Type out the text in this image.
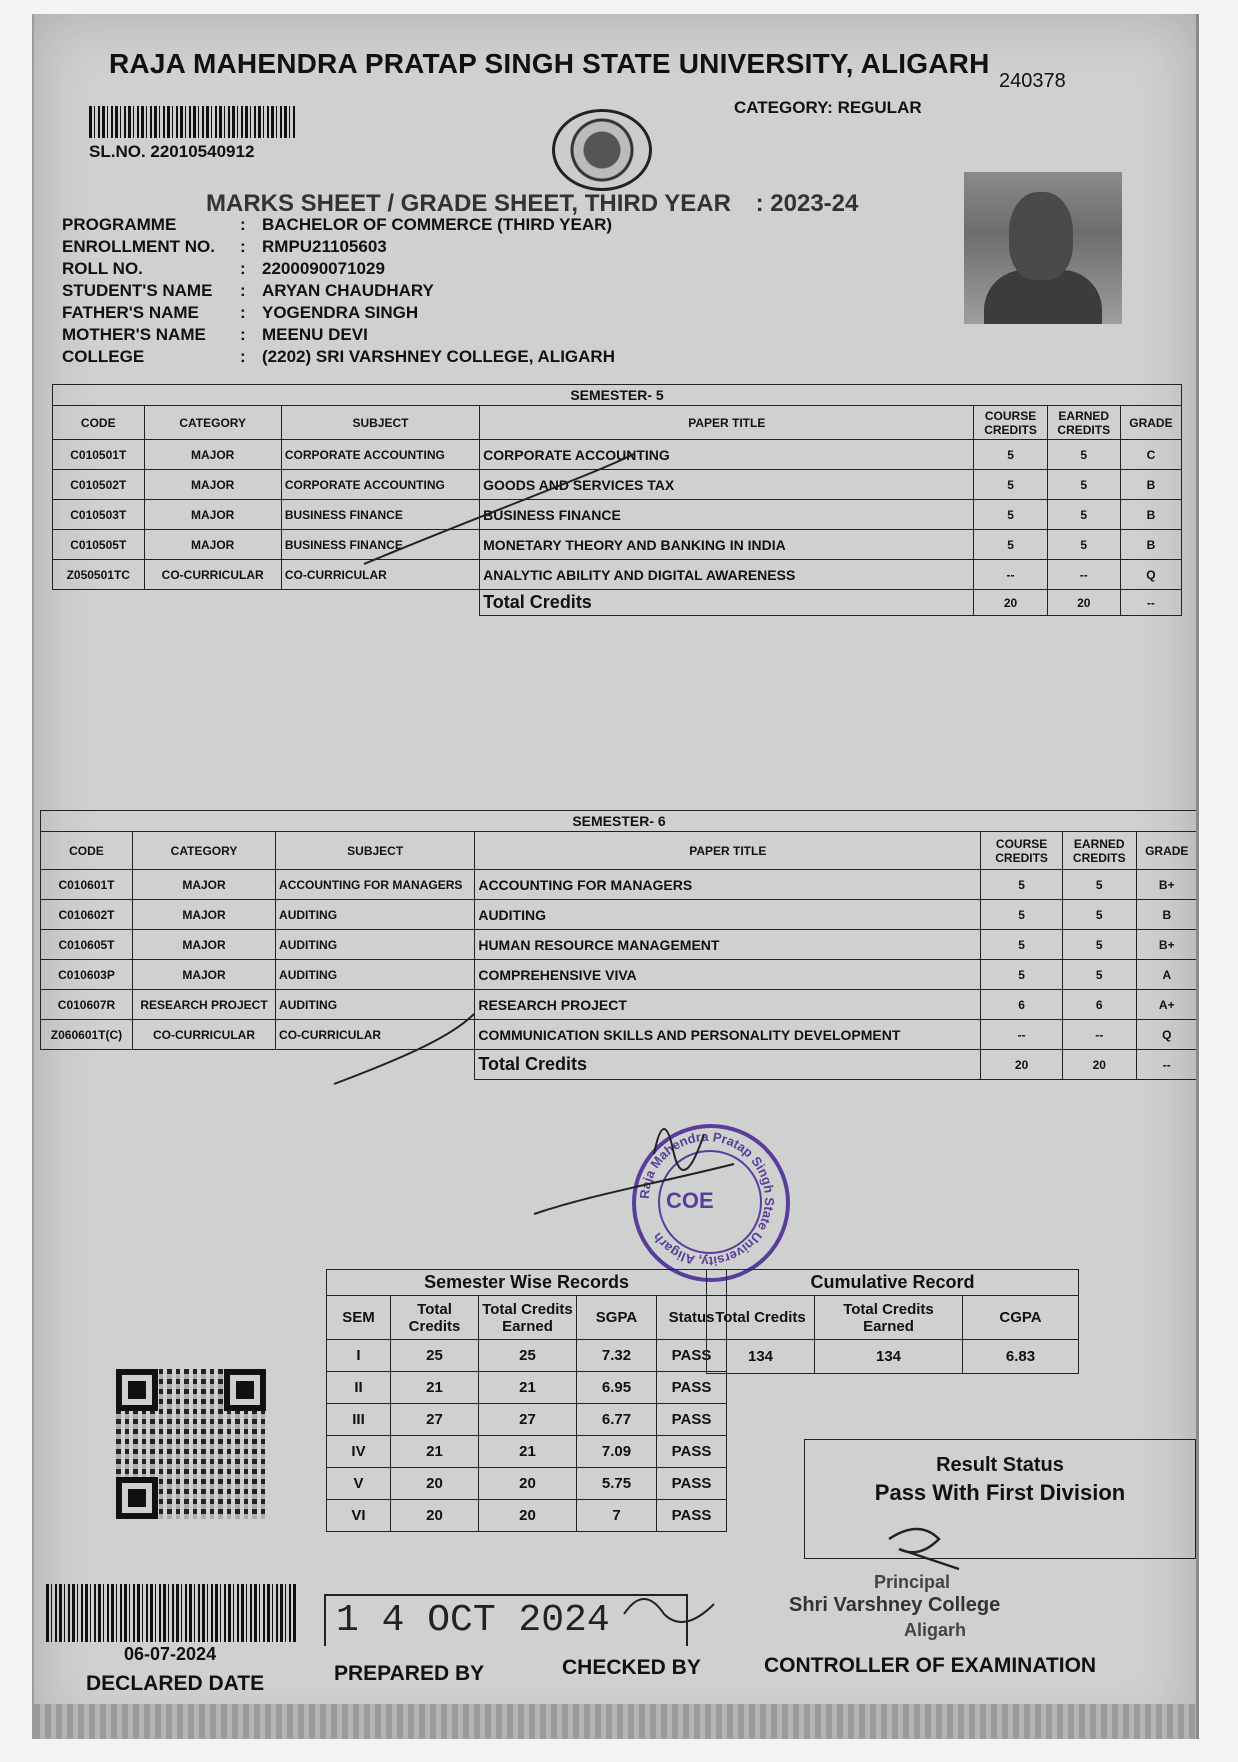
RAJA MAHENDRA PRATAP SINGH STATE UNIVERSITY, ALIGARH
240378
CATEGORY: REGULAR
SL.NO. 22010540912
MARKS SHEET / GRADE SHEET, THIRD YEAR : 2023-24
PROGRAMME	: BACHELOR OF COMMERCE (THIRD YEAR)
ENROLLMENT NO.	: RMPU21105603
ROLL NO.	: 2200090071029
STUDENT'S NAME	: ARYAN CHAUDHARY
FATHER'S NAME	: YOGENDRA SINGH
MOTHER'S NAME	: MEENU DEVI
COLLEGE	: (2202) SRI VARSHNEY COLLEGE, ALIGARH
SEMESTER- 5						
CODE	CATEGORY	SUBJECT	PAPER TITLE	COURSE CREDITS	EARNED CREDITS	GRADE
C010501T	MAJOR	CORPORATE ACCOUNTING	CORPORATE ACCOUNTING	5	5	C
C010502T	MAJOR	CORPORATE ACCOUNTING	GOODS AND SERVICES TAX	5	5	B
C010503T	MAJOR	BUSINESS FINANCE	BUSINESS FINANCE	5	5	B
C010505T	MAJOR	BUSINESS FINANCE	MONETARY THEORY AND BANKING IN INDIA	5	5	B
Z050501TC	CO-CURRICULAR	CO-CURRICULAR	ANALYTIC ABILITY AND DIGITAL AWARENESS	--	--	Q
			Total Credits	20	20	--
SEMESTER- 6						
CODE	CATEGORY	SUBJECT	PAPER TITLE	COURSE CREDITS	EARNED CREDITS	GRADE
C010601T	MAJOR	ACCOUNTING FOR MANAGERS	ACCOUNTING FOR MANAGERS	5	5	B+
C010602T	MAJOR	AUDITING	AUDITING	5	5	B
C010605T	MAJOR	AUDITING	HUMAN RESOURCE MANAGEMENT	5	5	B+
C010603P	MAJOR	AUDITING	COMPREHENSIVE VIVA	5	5	A
C010607R	RESEARCH PROJECT	AUDITING	RESEARCH PROJECT	6	6	A+
Z060601T(C)	CO-CURRICULAR	CO-CURRICULAR	COMMUNICATION SKILLS AND PERSONALITY DEVELOPMENT	--	--	Q
			Total Credits	20	20	--
Raja Mahendra Pratap Singh State University, Aligarh
COE
Semester Wise Records				
SEM	Total Credits	Total Credits Earned	SGPA	Status
I	25	25	7.32	PASS
II	21	21	6.95	PASS
III	27	27	6.77	PASS
IV	21	21	7.09	PASS
V	20	20	5.75	PASS
VI	20	20	7	PASS
Cumulative Record		
Total Credits	Total Credits Earned	CGPA
134	134	6.83
Result Status
Pass With First Division
06-07-2024
DECLARED DATE
1 4 OCT 2024
PREPARED BY	CHECKED BY
Principal
Shri Varshney College
Aligarh
CONTROLLER OF EXAMINATION
